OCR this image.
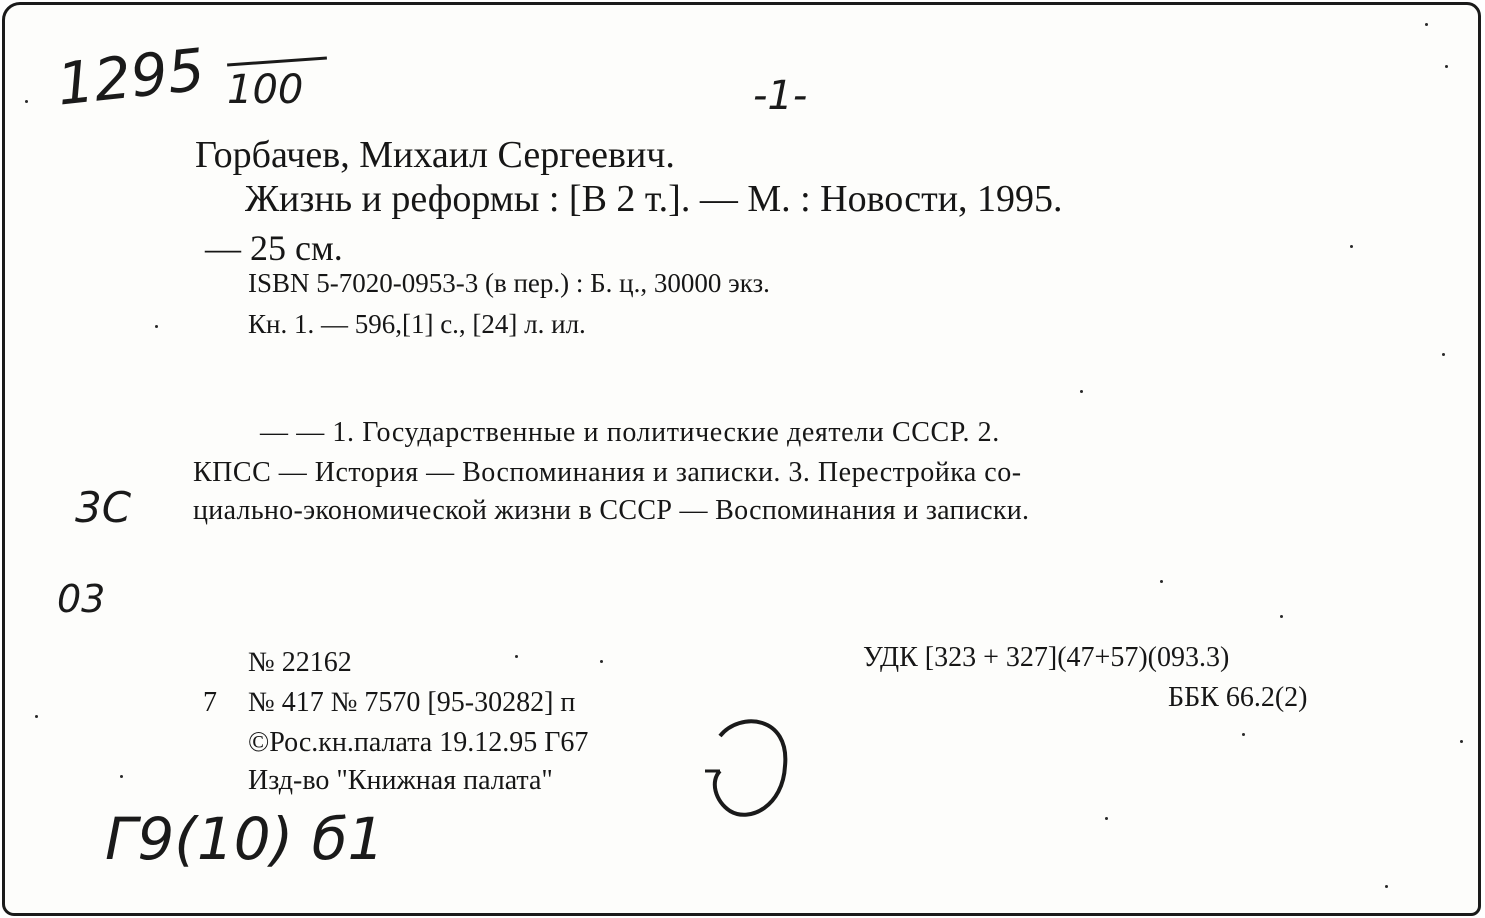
1295 100	-1-
Горбачев, Михаил Сергеевич.
Жизнь и реформы : [В 2 т.]. — М. : Новости, 1995.
— 25 см.
ISBN 5-7020-0953-3 (в пер.) : Б. ц., 30000 экз.
Кн. 1. — 596,[1] с., [24] л. ил.
— — 1. Государственные и политические деятели СССР. 2.
КПСС — История — Воспоминания и записки. 3. Перестройка со-
циально-экономической жизни в СССР — Воспоминания и записки.
3С
03
№ 22162
7 № 417 № 7570 [95-30282] п
©Рос.кн.палата 19.12.95 Г67
Изд-во "Книжная палата"
УДК [323 + 327](47+57)(093.3)
ББК 66.2(2)
Г9(10) б1
